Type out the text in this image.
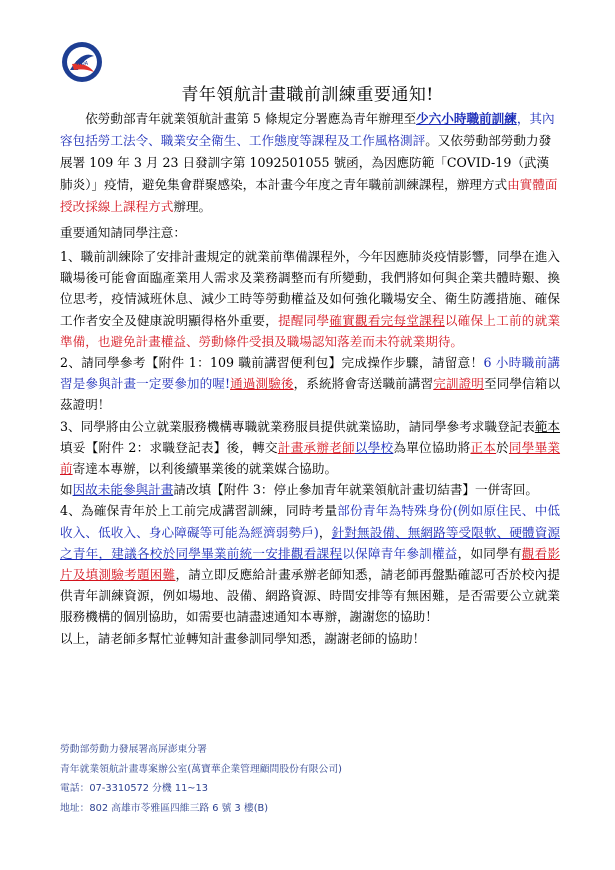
WDA
青年領航計畫職前訓練重要通知!
依勞動部青年就業領航計畫第 5 條規定分署應為青年辦理至少六小時職前訓練，其內容包括勞工法令、職業安全衛生、工作態度等課程及工作風格測評。又依勞動部勞動力發展署 109 年 3 月 23 日發訓字第 1092501055 號函，為因應防範「COVID-19（武漢肺炎）」疫情，避免集會群聚感染，本計畫今年度之青年職前訓練課程，辦理方式由實體面授改採線上課程方式辦理。
重要通知請同學注意：

1、職前訓練除了安排計畫規定的就業前準備課程外，今年因應肺炎疫情影響，同學在進入職場後可能會面臨產業用人需求及業務調整而有所變動，我們將如何與企業共體時艱、換位思考，疫情減班休息、減少工時等勞動權益及如何強化職場安全、衛生防護措施、確保工作者安全及健康說明顯得格外重要，提醒同學確實觀看完每堂課程以確保上工前的就業準備，也避免計畫權益、勞動條件受損及職場認知落差而未符就業期待。

2、請同學參考【附件 1：109 職前講習便利包】完成操作步驟，請留意！6 小時職前講習是參與計畫一定要參加的喔!通過測驗後，系統將會寄送職前講習完訓證明至同學信箱以茲證明！

3、同學將由公立就業服務機構專職就業務服員提供就業協助，請同學參考求職登記表範本填妥【附件 2：求職登記表】後，轉交計畫承辦老師以學校為單位協助將正本於同學畢業前寄達本專辦，以利後續畢業後的就業媒合協助。
如因故未能參與計畫請改填【附件 3：停止參加青年就業領航計畫切結書】一併寄回。

4、為確保青年於上工前完成講習訓練，同時考量部份青年為特殊身份(例如原住民、中低收入、低收入、身心障礙等可能為經濟弱勢戶)，針對無設備、無網路等受限軟、硬體資源之青年，建議各校於同學畢業前統一安排觀看課程以保障青年參訓權益，如同學有觀看影片及填測驗考題困難，請立即反應給計畫承辦老師知悉，請老師再盤點確認可否於校內提供青年訓練資源，例如場地、設備、網路資源、時間安排等有無困難，是否需要公立就業服務機構的個別協助，如需要也請盡速通知本專辦，謝謝您的協助！

以上，請老師多幫忙並轉知計畫參訓同學知悉，謝謝老師的協助！

勞動部勞動力發展署高屏澎東分署
青年就業領航計畫專案辦公室(萬寶華企業管理顧問股份有限公司)
電話：07-3310572 分機 11~13
地址：802 高雄市苓雅區四維三路 6 號 3 樓(B)
